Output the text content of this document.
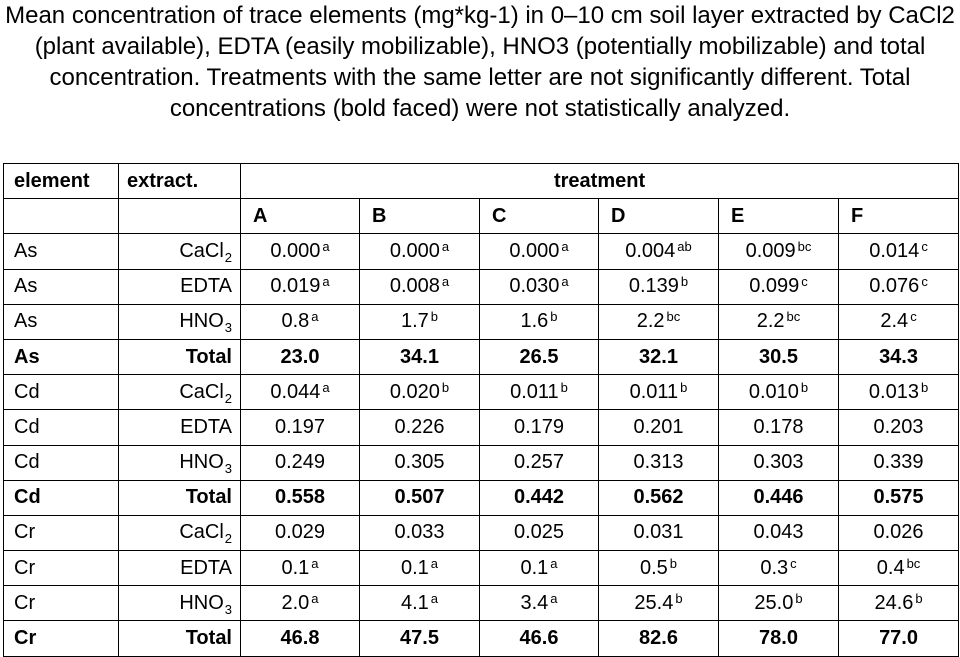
Mean concentration of trace elements (mg*kg-1) in 0–10 cm soil layer extracted by CaCl2 (plant available), EDTA (easily mobilizable), HNO3 (potentially mobilizable) and total concentration. Treatments with the same letter are not significantly different. Total concentrations (bold faced) were not statistically analyzed.

element	extract.	treatment					
		A	B	C	D	E	F
As	CaCl$_2$	0.000 $^a$	0.000 $^a$	0.000 $^a$	0.004 $^{ab}$	0.009 $^{bc}$	0.014 $^c$
As	EDTA	0.019 $^a$	0.008 $^a$	0.030 $^a$	0.139 $^b$	0.099 $^c$	0.076 $^c$
As	$HNO_3$	0.8 $^a$	1.7 $^b$	1.6 $^b$	2.2 $^{bc}$	2.2 $^{bc}$	2.4 $^c$
As	Total	23.0	34.1	26.5	32.1	30.5	34.3
Cd	CaCl$_2$	0.044 $^a$	0.020 $^b$	0.011 $^b$	0.011 $^b$	0.010 $^b$	0.013 $^b$
Cd	EDTA	0.197	0.226	0.179	0.201	0.178	0.203
Cd	$HNO_3$	0.249	0.305	0.257	0.313	0.303	0.339
Cd	Total	0.558	0.507	0.442	0.562	0.446	0.575
Cr	CaCl$_2$	0.029	0.033	0.025	0.031	0.043	0.026
Cr	EDTA	0.1 $^a$	0.1 $^a$	0.1 $^a$	0.5 $^b$	0.3 $^c$	0.4 $^{bc}$
Cr	$HNO_3$	2.0 $^a$	4.1 $^a$	3.4 $^a$	25.4 $^b$	25.0 $^b$	24.6 $^b$
Cr	Total	46.8	47.5	46.6	82.6	78.0	77.0
